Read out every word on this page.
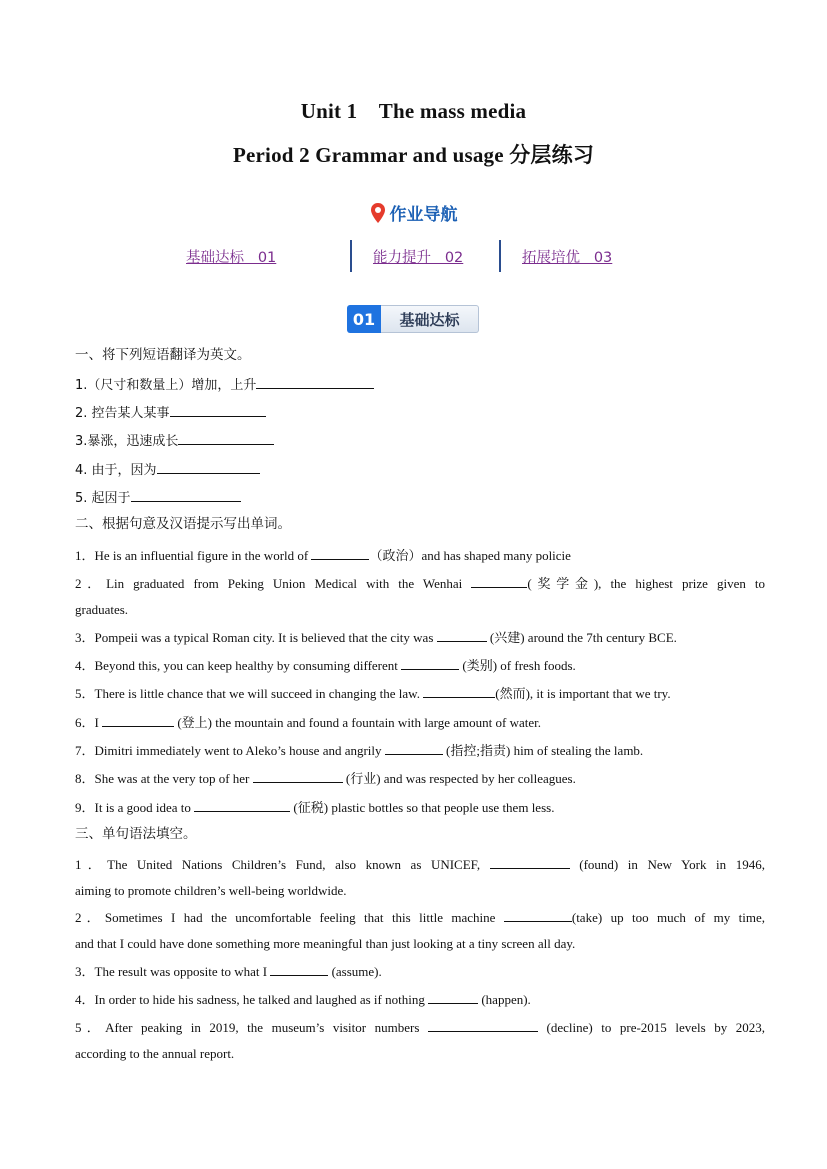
Unit 1    The mass media
Period 2 Grammar and usage 分层练习
作业导航
基础达标   01	能力提升   02	拓展培优   03
01	基础达标
一、将下列短语翻译为英文。
1.（尺寸和数量上）增加，上升
2. 控告某人某事
3.暴涨，迅速成长
4. 由于，因为
5. 起因于
二、根据句意及汉语提示写出单词。
1．He is an influential figure in the world of	（政治）and has shaped many policie
2．Lin graduated from Peking Union Medical with the Wenhai	(奖学金), the highest prize given to
graduates.
3．Pompeii was a typical Roman city. It is believed that the city was	(兴建) around the 7th century BCE.
4．Beyond this, you can keep healthy by consuming different	(类别) of fresh foods.
5．There is little chance that we will succeed in changing the law.	(然而), it is important that we try.
6．I	(登上) the mountain and found a fountain with large amount of water.
7．Dimitri immediately went to Aleko’s house and angrily	(指控;指责) him of stealing the lamb.
8．She was at the very top of her	(行业) and was respected by her colleagues.
9．It is a good idea to	(征税) plastic bottles so that people use them less.
三、单句语法填空。
1．The United Nations Children’s Fund, also known as UNICEF,	(found) in New York in 1946,
aiming to promote children’s well-being worldwide.
2．Sometimes I had the uncomfortable feeling that this little machine	(take) up too much of my time,
and that I could have done something more meaningful than just looking at a tiny screen all day.
3．The result was opposite to what I	(assume).
4．In order to hide his sadness, he talked and laughed as if nothing	(happen).
5．After peaking in 2019, the museum’s visitor numbers	(decline) to pre-2015 levels by 2023,
according to the annual report.
